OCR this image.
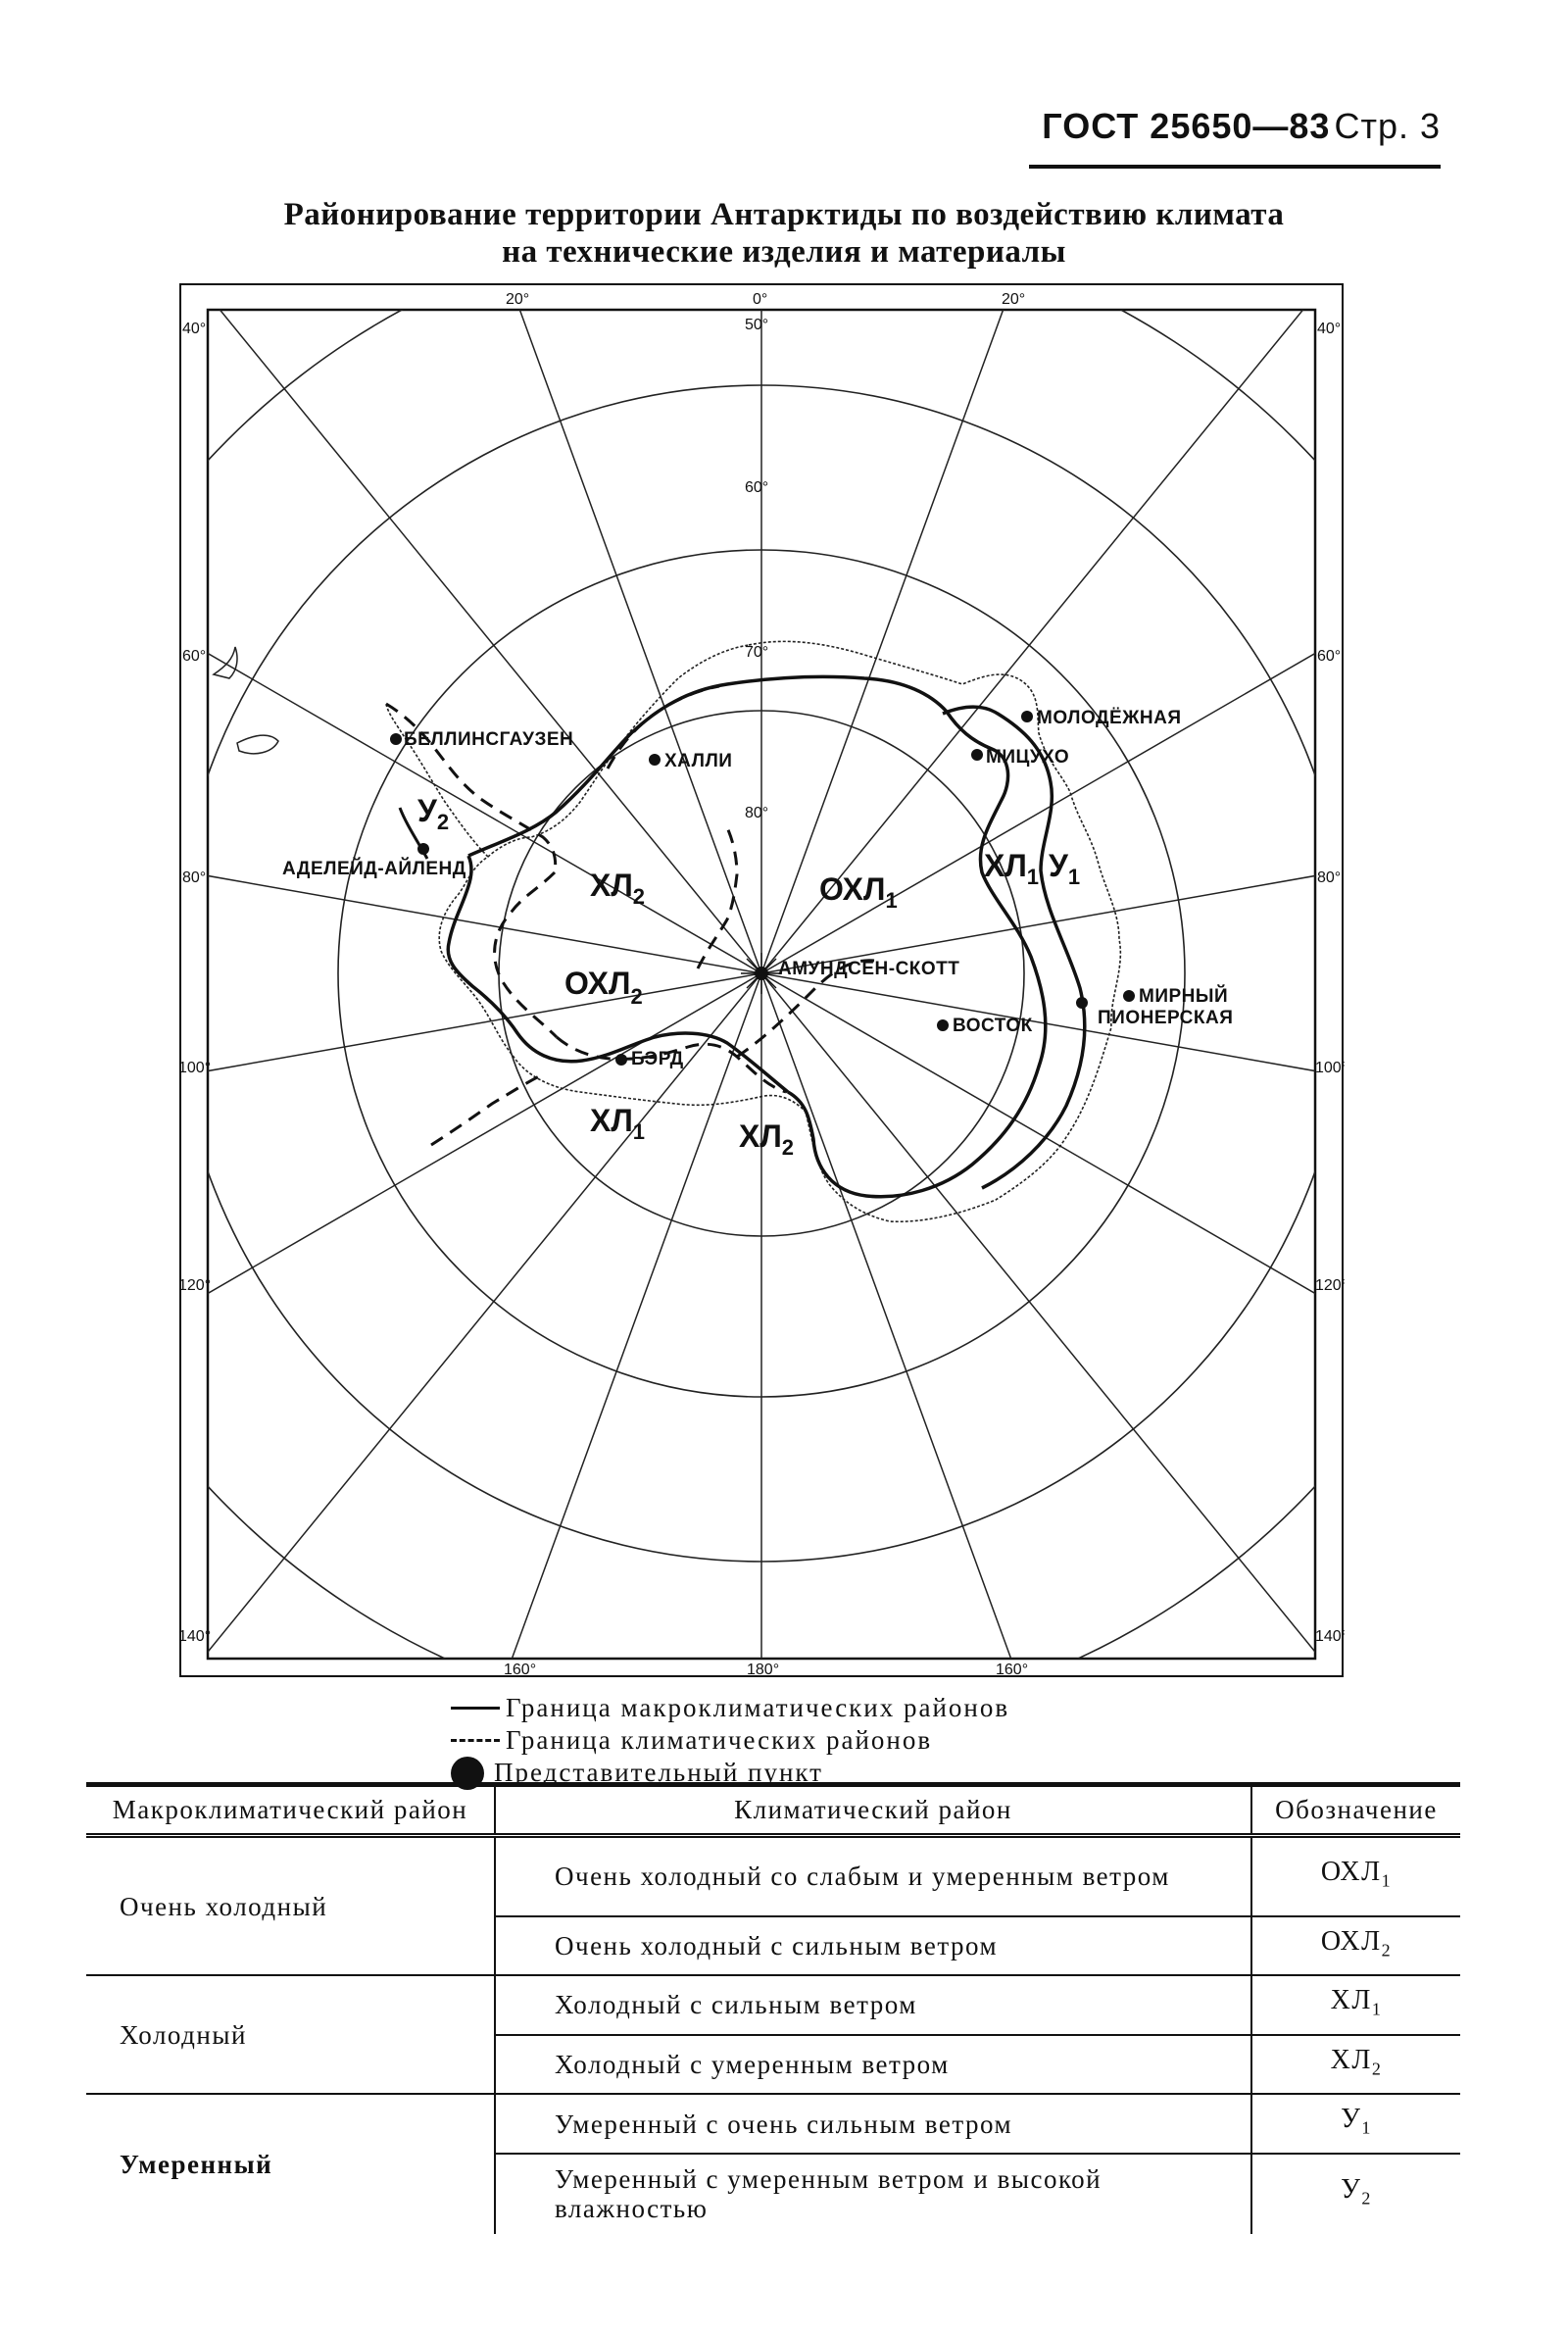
ГОСТ 25650—83 Стр. 3
Районирование территории Антарктиды по воздействию климата
на технические изделия и материалы
МОЛОДЁЖНАЯ
МИЦУХО
БЕЛЛИНСГАУЗЕН
ХАЛЛИ
АДЕЛЕЙД-АЙЛЕНД
АМУНДСЕН-СКОТТ
МИРНЫЙ
ПИОНЕРСКАЯ
ВОСТОК
БЭРД
$ОХЛ_1$
$ОХЛ_2$
$ХЛ_1$ $У_1$
$ХЛ_2$
$У_2$
$ХЛ_1$	$ХЛ_2$
0°
20°	20°
40°	40°
60°	60°
80°	80°
100°	100°
120°	120°
140°	140°
160°	160°
180°
50°
60°
70°
80°
Граница макроклиматических районов
Граница климатических районов
Представительный пункт
Макроклиматический район	Климатический район	Обозначение
Очень холодный	Очень холодный со слабым и умеренным ветром	$ОХЛ_1$
	Очень холодный с сильным ветром	$ОХЛ_2$
Холодный	Холодный с сильным ветром	$ХЛ_1$
	Холодный с умеренным ветром	$ХЛ_2$
Умеренный	Умеренный с очень сильным ветром	$У_1$
	Умеренный с умеренным ветром и высокой влажностью	$У_2$
